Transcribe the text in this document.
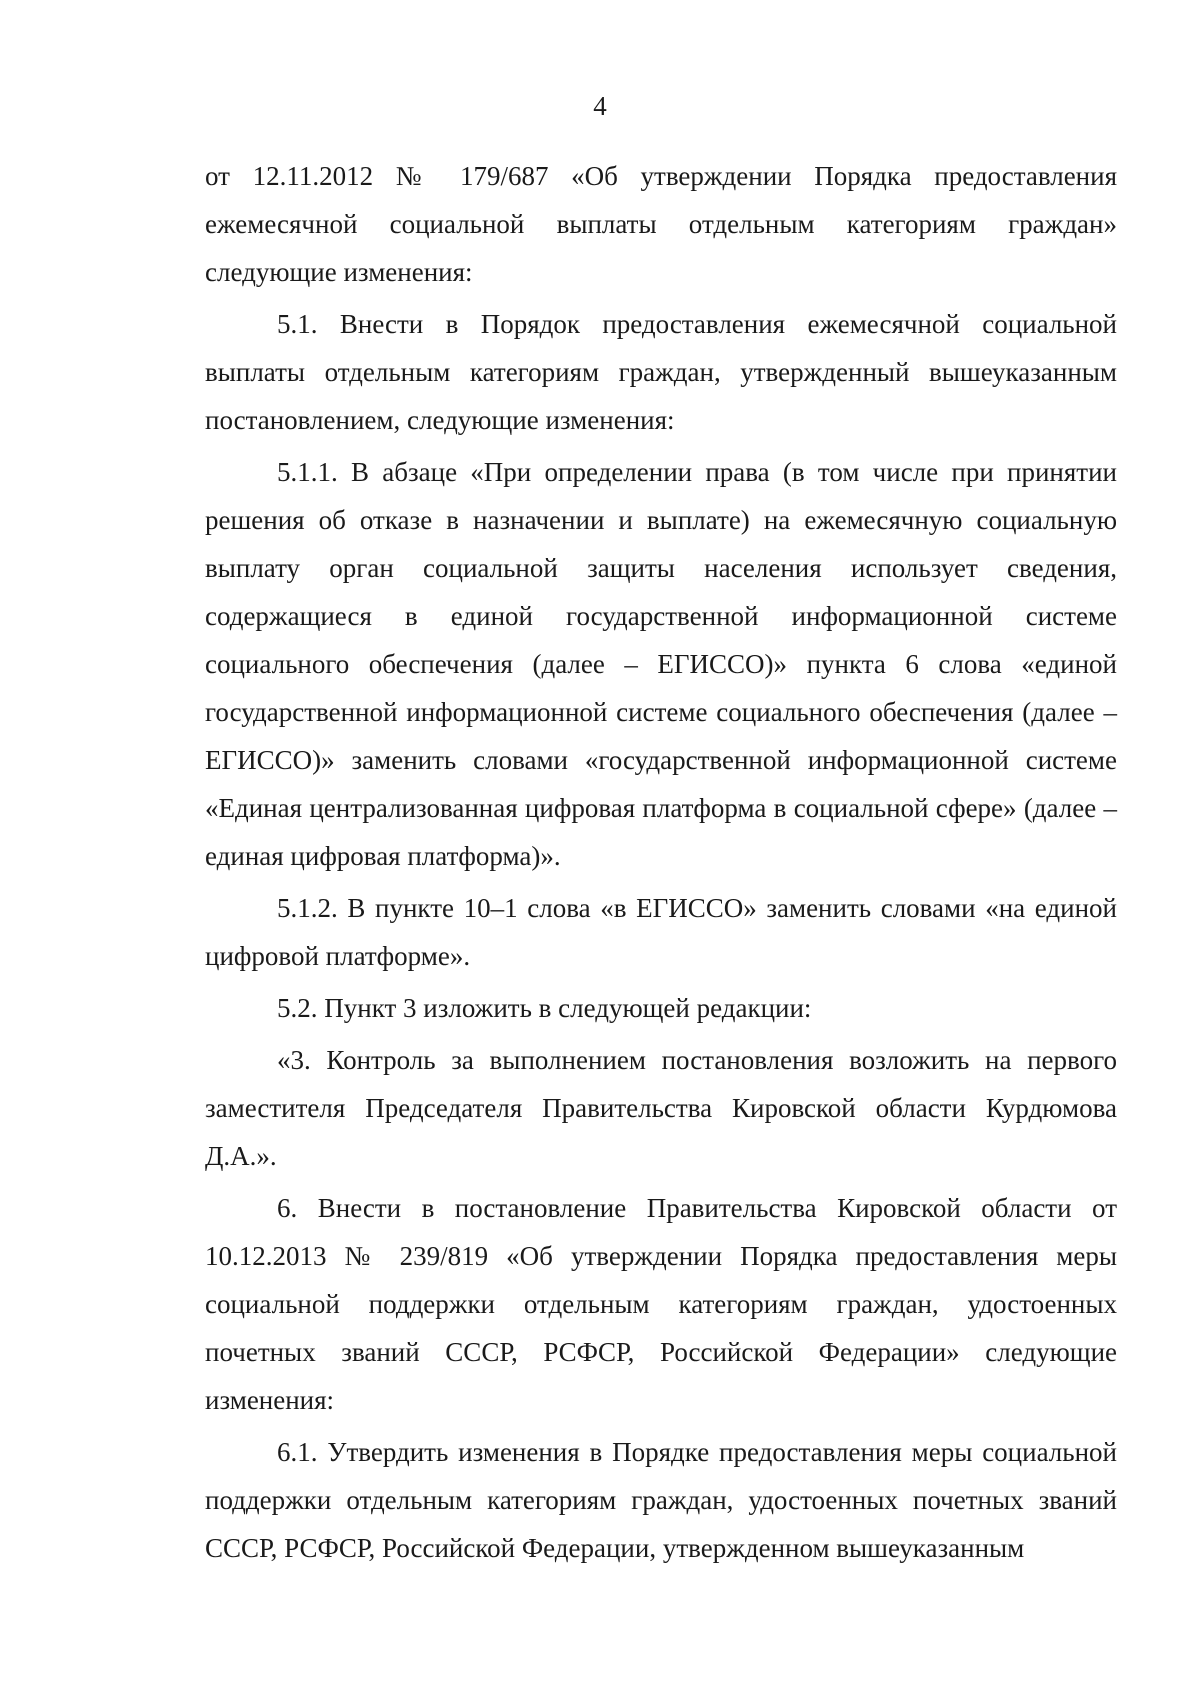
4

от 12.11.2012 № 179/687 «Об утверждении Порядка предоставления ежемесячной социальной выплаты отдельным категориям граждан» следующие изменения:

5.1. Внести в Порядок предоставления ежемесячной социальной выплаты отдельным категориям граждан, утвержденный вышеуказанным постановлением, следующие изменения:

5.1.1. В абзаце «При определении права (в том числе при принятии решения об отказе в назначении и выплате) на ежемесячную социальную выплату орган социальной защиты населения использует сведения, содержащиеся в единой государственной информационной системе социального обеспечения (далее – ЕГИССО)» пункта 6 слова «единой государственной информационной системе социального обеспечения (далее – ЕГИССО)» заменить словами «государственной информационной системе «Единая централизованная цифровая платформа в социальной сфере» (далее – единая цифровая платформа)».

5.1.2. В пункте 10–1 слова «в ЕГИССО» заменить словами «на единой цифровой платформе».

5.2. Пункт 3 изложить в следующей редакции:

«3. Контроль за выполнением постановления возложить на первого заместителя Председателя Правительства Кировской области Курдюмова Д.А.».

6. Внести в постановление Правительства Кировской области от 10.12.2013 № 239/819 «Об утверждении Порядка предоставления меры социальной поддержки отдельным категориям граждан, удостоенных почетных званий СССР, РСФСР, Российской Федерации» следующие изменения:

6.1. Утвердить изменения в Порядке предоставления меры социальной поддержки отдельным категориям граждан, удостоенных почетных званий СССР, РСФСР, Российской Федерации, утвержденном вышеуказанным
